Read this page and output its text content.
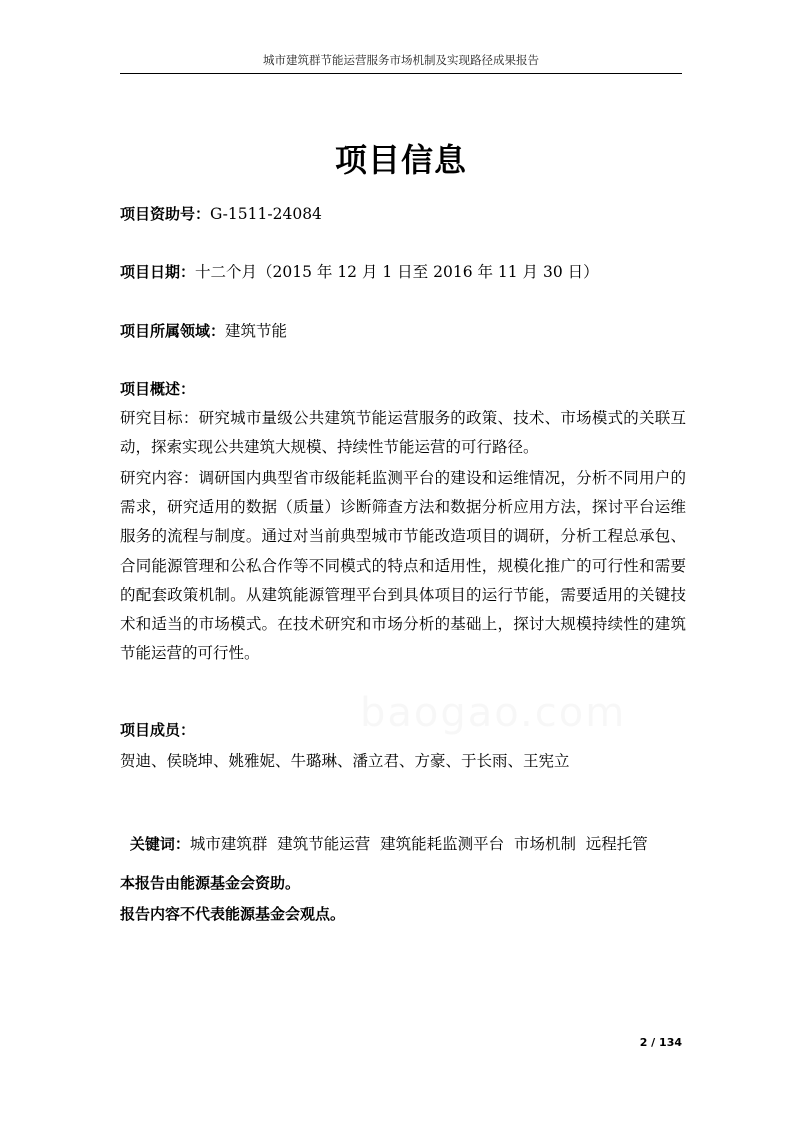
城市建筑群节能运营服务市场机制及实现路径成果报告
baogao.com
项目信息
项目资助号：G-1511-24084
项目日期：十二个月（2015 年 12 月 1 日至 2016 年 11 月 30 日）
项目所属领域：建筑节能
项目概述：
研究目标：研究城市量级公共建筑节能运营服务的政策、技术、市场模式的关联互动，探索实现公共建筑大规模、持续性节能运营的可行路径。
研究内容：调研国内典型省市级能耗监测平台的建设和运维情况，分析不同用户的需求，研究适用的数据（质量）诊断筛查方法和数据分析应用方法，探讨平台运维服务的流程与制度。通过对当前典型城市节能改造项目的调研，分析工程总承包、合同能源管理和公私合作等不同模式的特点和适用性，规模化推广的可行性和需要的配套政策机制。从建筑能源管理平台到具体项目的运行节能，需要适用的关键技术和适当的市场模式。在技术研究和市场分析的基础上，探讨大规模持续性的建筑节能运营的可行性。
项目成员：
贺迪、侯晓坤、姚雅妮、牛璐琳、潘立君、方豪、于长雨、王宪立

关键词：城市建筑群  建筑节能运营  建筑能耗监测平台  市场机制  远程托管

本报告由能源基金会资助。
报告内容不代表能源基金会观点。
2 / 134
